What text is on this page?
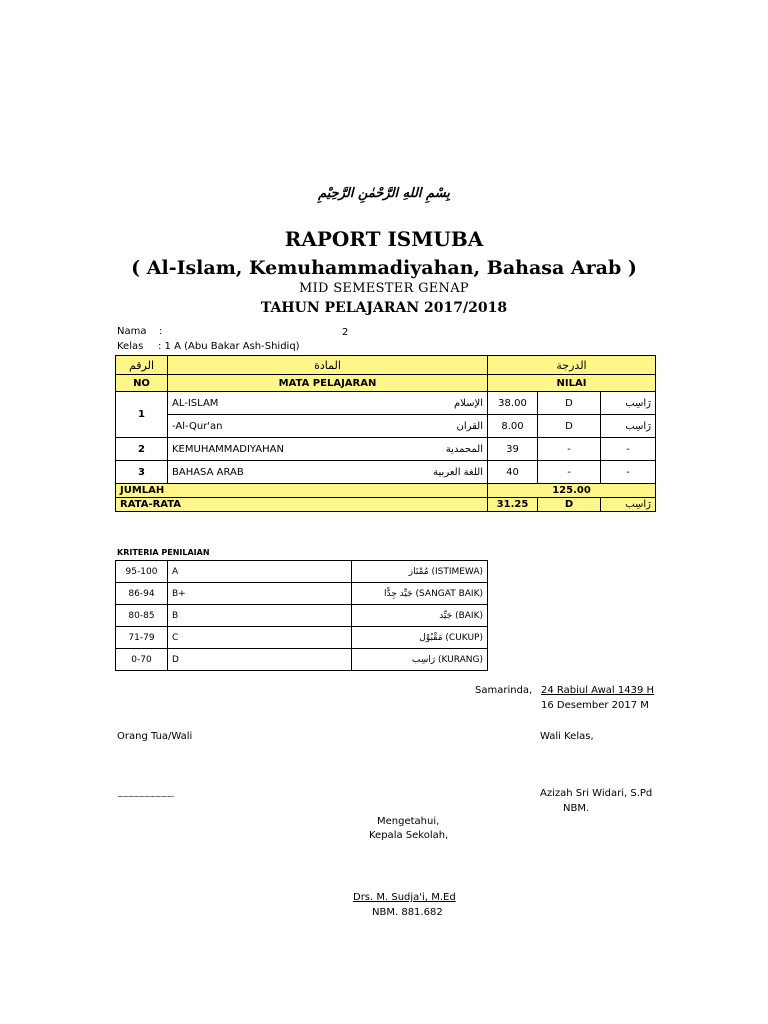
بِسْمِ اللهِ الرَّحْمٰنِ الرَّحِيْمِ
RAPORT ISMUBA
( Al-Islam, Kemuhammadiyahan, Bahasa Arab )
MID SEMESTER GENAP
TAHUN PELAJARAN 2017/2018
Nama :	2
Kelas : 1 A (Abu Bakar Ash-Shidiq)
الرقم	المادة	الدرجة		
NO	MATA PELAJARAN	NILAI		
1	AL-ISLAM الإسلام	38.00	D	رَاسِب

	-Al-Qur'an القران	8.00	D	رَاسِب
2	KEMUHAMMADIYAHAN المحمدية	39	-	-
3	BAHASA ARAB اللغة العربية	40	-	-
JUMLAH		125.00		
RATA-RATA		31.25	D	رَاسِب
KRITERIA PENILAIAN
95-100	A	مُمْتَاز (ISTIMEWA)
86-94	B+	جَيِّد جِدًّا (SANGAT BAIK)
80-85	B	جَيِّد (BAIK)
71-79	C	مَقْبُوْل (CUKUP)
0-70	D	رَاسِب (KURANG)
Samarinda, 24 Rabiul Awal 1439 H
16 Desember 2017 M
Orang Tua/Wali	Wali Kelas,
..............................................	Azizah Sri Widari, S.Pd
NBM.
Mengetahui,
Kepala Sekolah,
Drs. M. Sudja'i, M.Ed
NBM. 881.682
